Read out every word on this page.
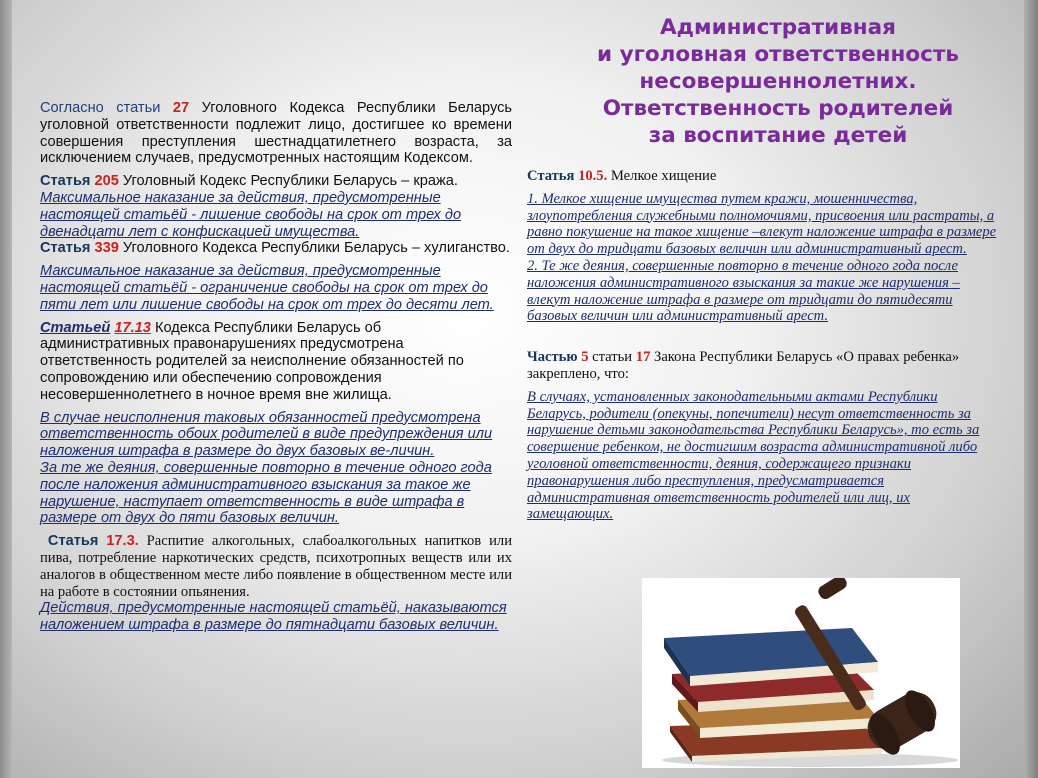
Административная
и уголовная ответственность
несовершеннолетних.
Ответственность родителей
за воспитание детей

Согласно статьи 27 Уголовного Кодекса Республики Беларусь уголовной ответственности подлежит лицо, достигшее ко времени совершения преступления шестнадцатилетнего возраста, за исключением случаев, предусмотренных настоящим Кодексом.

Статья 205 Уголовный Кодекс Республики Беларусь – кража.

Максимальное наказание за действия, предусмотренные настоящей статьёй - лишение свободы на срок от трех до двенадцати лет с конфискацией имущества.

Статья 339 Уголовного Кодекса Республики Беларусь – хулиганство.

Максимальное наказание за действия, предусмотренные настоящей статьёй - ограничение свободы на срок от трех до пяти лет или лишение свободы на срок от трех до десяти лет.

Статьей 17.13 Кодекса Республики Беларусь об административных правонарушениях предусмотрена ответственность родителей за неисполнение обязанностей по сопровождению или обеспечению сопровождения несовершеннолетнего в ночное время вне жилища.

В случае неисполнения таковых обязанностей предусмотрена ответственность обоих родителей в виде предупреждения или наложения штрафа в размере до двух базовых ве-личин.

За те же деяния, совершенные повторно в течение одного года после наложения административного взыскания за такое же нарушение, наступает ответственность в виде штрафа в размере от двух до пяти базовых величин.

Статья 17.3. Распитие алкогольных, слабоалкогольных напитков или пива, потребление наркотических средств, психотропных веществ или их аналогов в общественном месте либо появление в общественном месте или на работе в состоянии опьянения.

Действия, предусмотренные настоящей статьёй, наказываются наложением штрафа в размере до пятнадцати базовых величин.

Статья 10.5. Мелкое хищение

1. Мелкое хищение имущества путем кражи, мошенничества, злоупотребления служебными полномочиями, присвоения или растраты, а равно покушение на такое хищение –влекут наложение штрафа в размере от двух до тридцати базовых величин или административный арест.

2. Те же деяния, совершенные повторно в течение одного года после наложения административного взыскания за такие же нарушения –влекут наложение штрафа в размере от тридцати до пятидесяти базовых величин или административный арест.

Частью 5 статьи 17 Закона Республики Беларусь «О правах ребенка» закреплено, что:

В случаях, установленных законодательными актами Республики Беларусь, родители (опекуны, попечители) несут ответственность за нарушение детьми законодательства Республики Беларусь», то есть за совершение ребенком, не достигшим возраста административной либо уголовной ответственности, деяния, содержащего признаки правонарушения либо преступления, предусматривается административная ответственность родителей или лиц, их замещающих.
